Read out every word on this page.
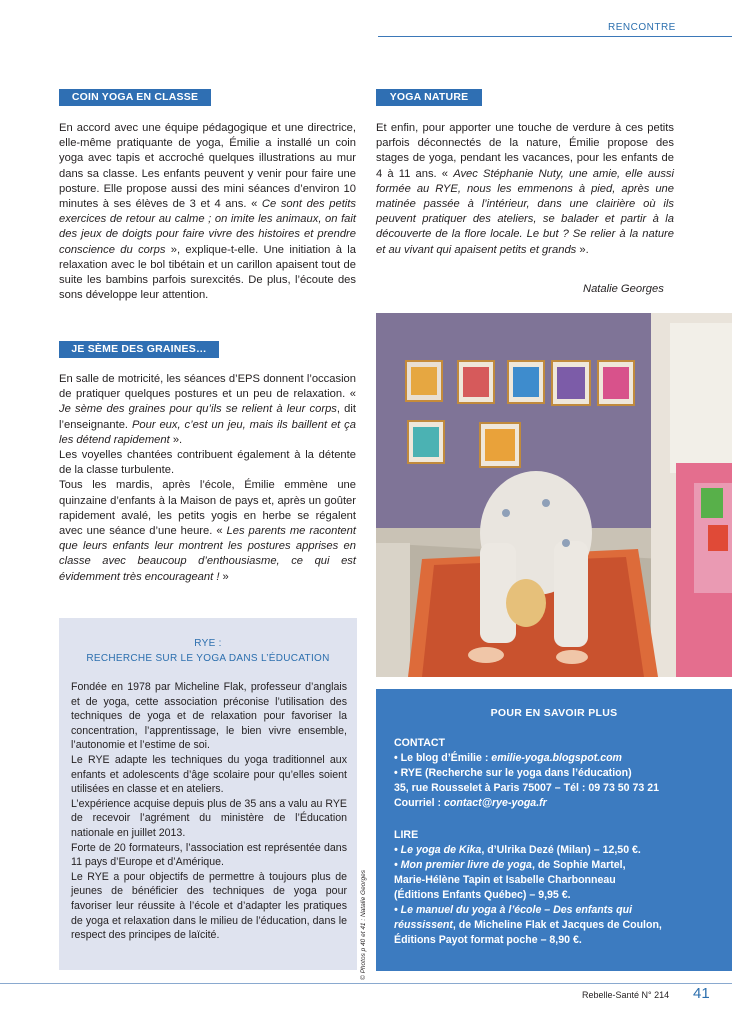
RENCONTRE
COIN YOGA EN CLASSE
En accord avec une équipe pédagogique et une directrice, elle-même pratiquante de yoga, Émilie a installé un coin yoga avec tapis et accroché quelques illustrations au mur dans sa classe. Les enfants peuvent y venir pour faire une posture. Elle propose aussi des mini séances d’environ 10 minutes à ses élèves de 3 et 4 ans. « Ce sont des petits exercices de retour au calme ; on imite les animaux, on fait des jeux de doigts pour faire vivre des histoires et prendre conscience du corps », explique-t-elle. Une initiation à la relaxation avec le bol tibétain et un carillon apaisent tout de suite les bambins parfois surexcités. De plus, l’écoute des sons développe leur attention.
JE SÈME DES GRAINES…
En salle de motricité, les séances d’EPS donnent l’occasion de pratiquer quelques postures et un peu de relaxation. « Je sème des graines pour qu’ils se relient à leur corps, dit l’enseignante. Pour eux, c’est un jeu, mais ils baillent et ça les détend rapidement ».
Les voyelles chantées contribuent également à la détente de la classe turbulente.
Tous les mardis, après l’école, Émilie emmène une quinzaine d’enfants à la Maison de pays et, après un goûter rapidement avalé, les petits yogis en herbe se régalent avec une séance d’une heure. « Les parents me racontent que leurs enfants leur montrent les postures apprises en classe avec beaucoup d’enthousiasme, ce qui est évidemment très encourageant ! »
YOGA NATURE
Et enfin, pour apporter une touche de verdure à ces petits parfois déconnectés de la nature, Émilie propose des stages de yoga, pendant les vacances, pour les enfants de 4 à 11 ans. « Avec Stéphanie Nuty, une amie, elle aussi formée au RYE, nous les emmenons à pied, après une matinée passée à l’intérieur, dans une clairière où ils peuvent pratiquer des ateliers, se balader et partir à la découverte de la flore locale. Le but ? Se relier à la nature et au vivant qui apaisent petits et grands ».
Natalie Georges
RYE :
RECHERCHE SUR LE YOGA DANS L’ÉDUCATION
Fondée en 1978 par Micheline Flak, professeur d’anglais et de yoga, cette association préconise l’utilisation des techniques de yoga et de relaxation pour favoriser la concentration, l’apprentissage, le bien vivre ensemble, l’autonomie et l’estime de soi.
Le RYE adapte les techniques du yoga traditionnel aux enfants et adolescents d’âge scolaire pour qu’elles soient utilisées en classe et en ateliers.
L’expérience acquise depuis plus de 35 ans a valu au RYE de recevoir l’agrément du ministère de l’Éducation nationale en juillet 2013.
Forte de 20 formateurs, l’association est représentée dans 11 pays d’Europe et d’Amérique.
Le RYE a pour objectifs de permettre à toujours plus de jeunes de bénéficier des techniques de yoga pour favoriser leur réussite à l’école et d’adapter les pratiques de yoga et relaxation dans le milieu de l’éducation, dans le respect des principes de laïcité.	© Photos p 40 et 41 : Natalie Georges
POUR EN SAVOIR PLUS
CONTACT
• Le blog d’Émilie : emilie-yoga.blogspot.com
• RYE (Recherche sur le yoga dans l’éducation)
35, rue Rousselet à Paris 75007 – Tél : 09 73 50 73 21
Courriel : contact@rye-yoga.fr
LIRE
• Le yoga de Kika, d’Ulrika Dezé (Milan) – 12,50 €.
• Mon premier livre de yoga, de Sophie Martel,
Marie-Hélène Tapin et Isabelle Charbonneau
(Éditions Enfants Québec) – 9,95 €.
• Le manuel du yoga à l’école – Des enfants qui
réussissent, de Micheline Flak et Jacques de Coulon,
Éditions Payot format poche – 8,90 €.
Rebelle-Santé N° 214 41
